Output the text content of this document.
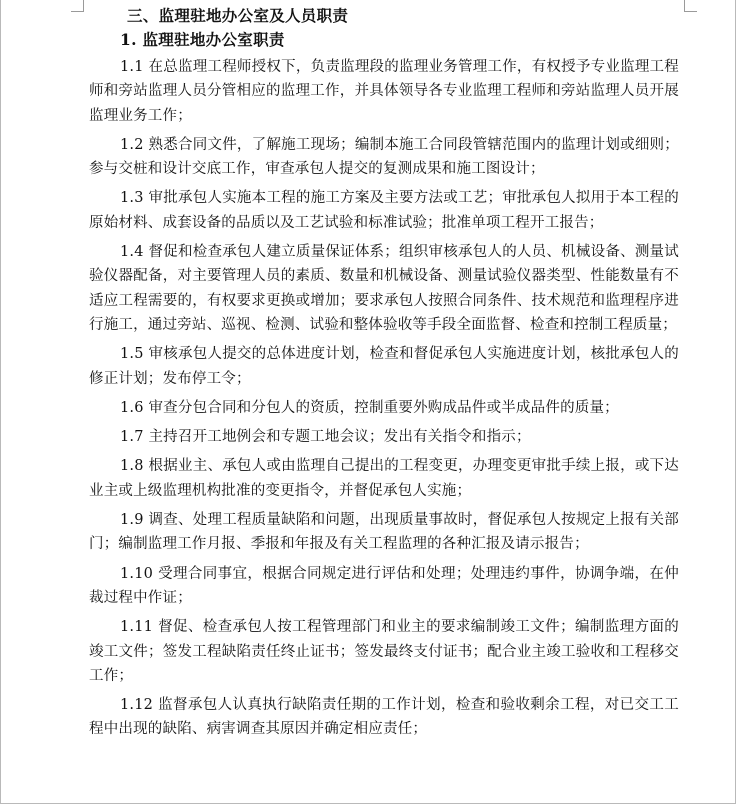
三、监理驻地办公室及人员职责
1. 监理驻地办公室职责

1.1 在总监理工程师授权下，负责监理段的监理业务管理工作，有权授予专业监理工程师和旁站监理人员分管相应的监理工作，并具体领导各专业监理工程师和旁站监理人员开展监理业务工作；

1.2 熟悉合同文件，了解施工现场；编制本施工合同段管辖范围内的监理计划或细则；参与交桩和设计交底工作，审查承包人提交的复测成果和施工图设计；

1.3 审批承包人实施本工程的施工方案及主要方法或工艺；审批承包人拟用于本工程的原始材料、成套设备的品质以及工艺试验和标准试验；批准单项工程开工报告；

1.4 督促和检查承包人建立质量保证体系；组织审核承包人的人员、机械设备、测量试验仪器配备，对主要管理人员的素质、数量和机械设备、测量试验仪器类型、性能数量有不适应工程需要的，有权要求更换或增加；要求承包人按照合同条件、技术规范和监理程序进行施工，通过旁站、巡视、检测、试验和整体验收等手段全面监督、检查和控制工程质量；

1.5 审核承包人提交的总体进度计划，检查和督促承包人实施进度计划，核批承包人的修正计划；发布停工令；

1.6 审查分包合同和分包人的资质，控制重要外购成品件或半成品件的质量；

1.7 主持召开工地例会和专题工地会议；发出有关指令和指示；

1.8 根据业主、承包人或由监理自己提出的工程变更，办理变更审批手续上报，或下达业主或上级监理机构批准的变更指令，并督促承包人实施；

1.9 调查、处理工程质量缺陷和问题，出现质量事故时，督促承包人按规定上报有关部门；编制监理工作月报、季报和年报及有关工程监理的各种汇报及请示报告；

1.10 受理合同事宜，根据合同规定进行评估和处理；处理违约事件，协调争端，在仲裁过程中作证；

1.11 督促、检查承包人按工程管理部门和业主的要求编制竣工文件；编制监理方面的竣工文件；签发工程缺陷责任终止证书；签发最终支付证书；配合业主竣工验收和工程移交工作；

1.12 监督承包人认真执行缺陷责任期的工作计划，检查和验收剩余工程，对已交工工程中出现的缺陷、病害调查其原因并确定相应责任；
